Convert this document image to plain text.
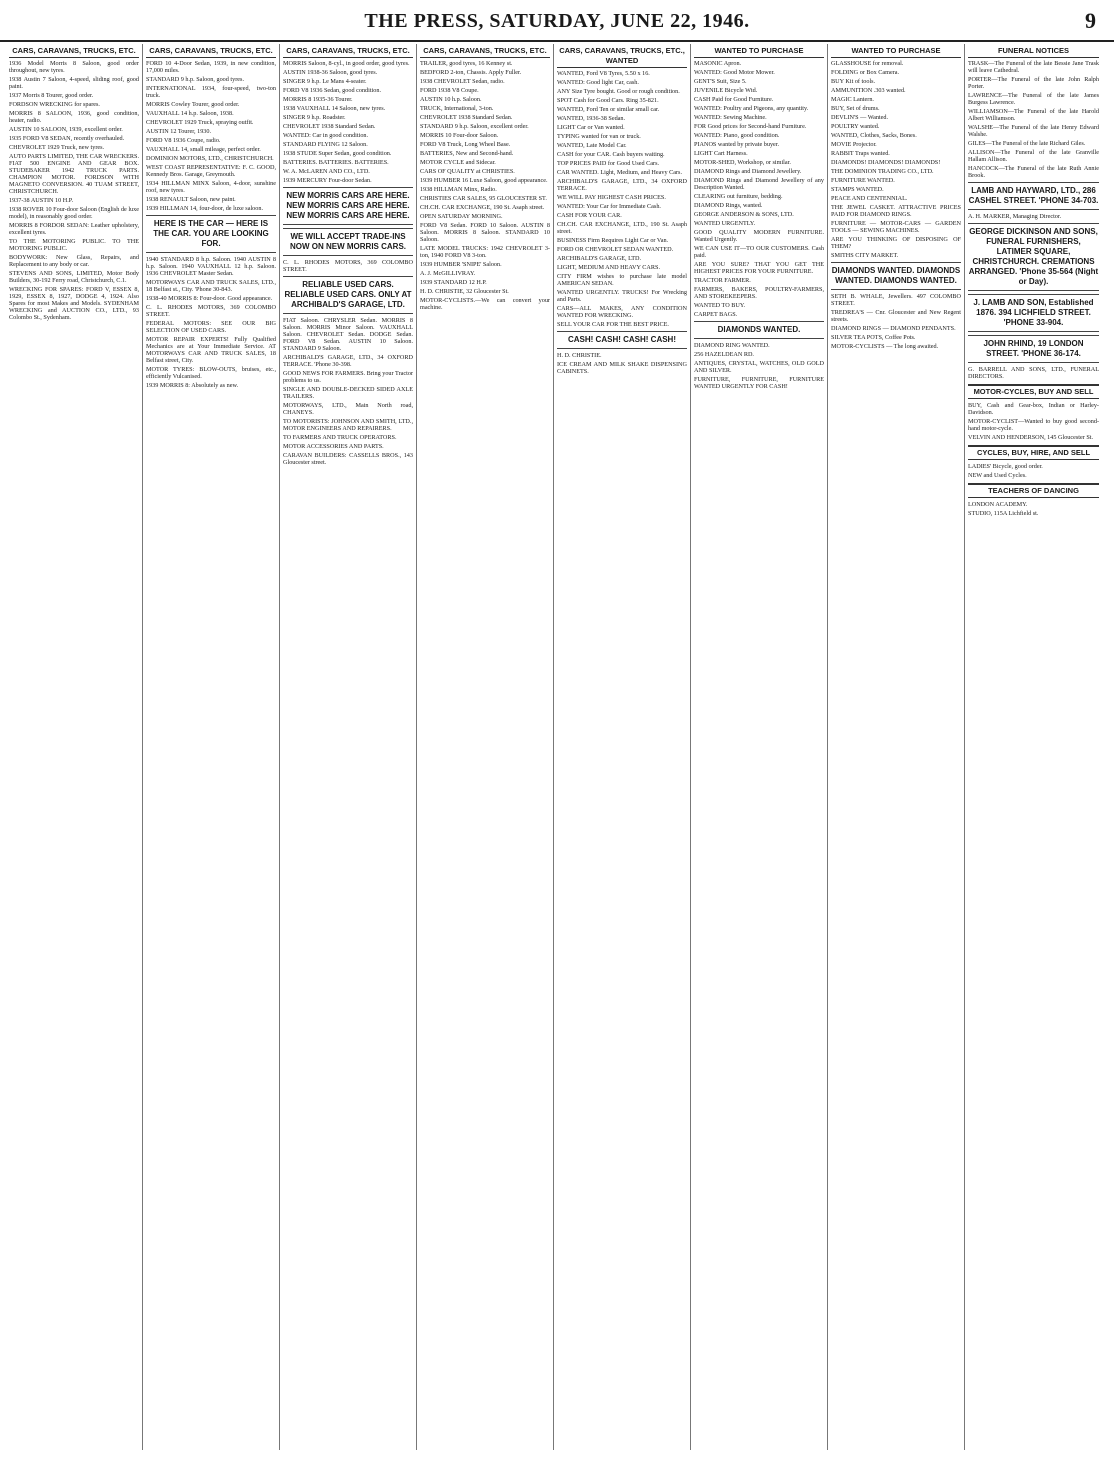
THE PRESS, SATURDAY, JUNE 22, 1946.	9
CARS, CARAVANS, TRUCKS, ETC.
1936 Model Morris 8 Saloon, good order throughout, new tyres.
1938 Austin 7 Saloon, 4-speed, sliding roof, good paint.
1937 Morris 8 Tourer, good order.
FORDSON WRECKING for spares.
MORRIS 8 SALOON, 1936, good condition, heater, radio.
AUSTIN 10 SALOON, 1939, excellent order.
1935 FORD V8 SEDAN, recently overhauled.
CHEVROLET 1929 Truck, new tyres.
AUTO PARTS LIMITED, THE CAR WRECKERS. FIAT 500 ENGINE AND GEAR BOX. STUDEBAKER 1942 TRUCK PARTS. CHAMPION MOTOR. FORDSON WITH MAGNETO CONVERSION. 40 TUAM STREET, CHRISTCHURCH.
1937-38 AUSTIN 10 H.P.
1938 ROVER 10 Four-door Saloon (English de luxe model), in reasonably good order.
MORRIS 8 FORDOR SEDAN: Leather upholstery, excellent tyres.
TO THE MOTORING PUBLIC. TO THE MOTORING PUBLIC.
BODYWORK: New Glass, Repairs, and Replacement to any body or car.
STEVENS AND SONS, LIMITED, Motor Body Builders, 30-192 Ferry road, Christchurch, C.1.
WRECKING FOR SPARES: FORD V, ESSEX 8, 1929, ESSEX 8, 1927, DODGE 4, 1924. Also Spares for most Makes and Models. SYDENHAM WRECKING and AUCTION CO., LTD., 93 Colombo St., Sydenham.
CARS, CARAVANS, TRUCKS, ETC.
FORD 10 4-Door Sedan, 1939, in new condition, 17,000 miles.
STANDARD 9 h.p. Saloon, good tyres.
INTERNATIONAL 1934, four-speed, two-ton truck.
MORRIS Cowley Tourer, good order.
VAUXHALL 14 h.p. Saloon, 1938.
CHEVROLET 1929 Truck, spraying outfit.
AUSTIN 12 Tourer, 1930.
FORD V8 1936 Coupe, radio.
VAUXHALL 14, small mileage, perfect order.
DOMINION MOTORS, LTD., CHRISTCHURCH.
WEST COAST REPRESENTATIVE: F. C. GOOD, Kennedy Bros. Garage, Greymouth.
1934 HILLMAN MINX Saloon, 4-door, sunshine roof, new tyres.
1938 RENAULT Saloon, new paint.
1939 HILLMAN 14, four-door, de luxe saloon.
HERE IS THE CAR — HERE IS THE CAR. YOU ARE LOOKING FOR.
1940 STANDARD 8 h.p. Saloon. 1940 AUSTIN 8 h.p. Saloon. 1940 VAUXHALL 12 h.p. Saloon. 1936 CHEVROLET Master Sedan.
MOTORWAYS CAR AND TRUCK SALES, LTD., 18 Belfast st., City. 'Phone 30-843.
1938-40 MORRIS 8: Four-door. Good appearance.
C. L. RHODES MOTORS, 369 COLOMBO STREET.
FEDERAL MOTORS: SEE OUR BIG SELECTION OF USED CARS.
MOTOR REPAIR EXPERTS! Fully Qualified Mechanics are at Your Immediate Service. AT MOTORWAYS CAR AND TRUCK SALES, 18 Belfast street, City.
MOTOR TYRES: BLOW-OUTS, bruises, etc., efficiently Vulcanised.
1939 MORRIS 8: Absolutely as new.
CARS, CARAVANS, TRUCKS, ETC.
MORRIS Saloon, 8-cyl., in good order, good tyres.
AUSTIN 1938-36 Saloon, good tyres.
SINGER 9 h.p. Le Mans 4-seater.
FORD V8 1936 Sedan, good condition.
MORRIS 8 1935-36 Tourer.
1938 VAUXHALL 14 Saloon, new tyres.
SINGER 9 h.p. Roadster.
CHEVROLET 1938 Standard Sedan.
WANTED: Car in good condition.
STANDARD FLYING 12 Saloon.
1938 STUDE Super Sedan, good condition.
BATTERIES. BATTERIES. BATTERIES.
W. A. McLAREN AND CO., LTD.
1939 MERCURY Four-door Sedan.
NEW MORRIS CARS ARE HERE. NEW MORRIS CARS ARE HERE. NEW MORRIS CARS ARE HERE.
WE WILL ACCEPT TRADE-INS NOW ON NEW MORRIS CARS.
C. L. RHODES MOTORS, 369 COLOMBO STREET.
RELIABLE USED CARS. RELIABLE USED CARS. ONLY AT ARCHIBALD'S GARAGE, LTD.
FIAT Saloon. CHRYSLER Sedan. MORRIS 8 Saloon. MORRIS Minor Saloon. VAUXHALL Saloon. CHEVROLET Sedan. DODGE Sedan. FORD V8 Sedan. AUSTIN 10 Saloon. STANDARD 9 Saloon.
ARCHIBALD'S GARAGE, LTD., 34 OXFORD TERRACE. 'Phone 30-398.
GOOD NEWS FOR FARMERS. Bring your Tractor problems to us.
SINGLE AND DOUBLE-DECKED SIDED AXLE TRAILERS.
MOTORWAYS, LTD., Main North road, CHANEYS.
TO MOTORISTS: JOHNSON AND SMITH, LTD., MOTOR ENGINEERS AND REPAIRERS.
TO FARMERS AND TRUCK OPERATORS.
MOTOR ACCESSORIES AND PARTS.
CARAVAN BUILDERS: CASSELLS BROS., 143 Gloucester street.
CARS, CARAVANS, TRUCKS, ETC.
TRAILER, good tyres, 16 Kenney st.
BEDFORD 2-ton, Chassis. Apply Fuller.
1938 CHEVROLET Sedan, radio.
FORD 1938 V8 Coupe.
AUSTIN 10 h.p. Saloon.
TRUCK, International, 3-ton.
CHEVROLET 1938 Standard Sedan.
STANDARD 9 h.p. Saloon, excellent order.
MORRIS 10 Four-door Saloon.
FORD V8 Truck, Long Wheel Base.
BATTERIES, New and Second-hand.
MOTOR CYCLE and Sidecar.
CARS OF QUALITY at CHRISTIES.
1939 HUMBER 16 Luxe Saloon, good appearance.
1938 HILLMAN Minx, Radio.
CHRISTIES CAR SALES, 95 GLOUCESTER ST.
CH.CH. CAR EXCHANGE, 190 St. Asaph street.
OPEN SATURDAY MORNING.
FORD V8 Sedan. FORD 10 Saloon. AUSTIN 8 Saloon. MORRIS 8 Saloon. STANDARD 10 Saloon.
LATE MODEL TRUCKS: 1942 CHEVROLET 3-ton, 1940 FORD V8 3-ton.
1939 HUMBER 'SNIPE' Saloon.
A. J. McGILLIVRAY.
1939 STANDARD 12 H.P.
H. D. CHRISTIE, 32 Gloucester St.
MOTOR-CYCLISTS.—We can convert your machine.
CARS, CARAVANS, TRUCKS, ETC., WANTED
WANTED, Ford V8 Tyres, 5.50 x 16.
WANTED: Good light Car, cash.
ANY Size Tyre bought. Good or rough condition.
SPOT Cash for Good Cars. Ring 35-821.
WANTED, Ford Ten or similar small car.
WANTED, 1936-38 Sedan.
LIGHT Car or Van wanted.
TYPING wanted for van or truck.
WANTED, Late Model Car.
CASH for your CAR. Cash buyers waiting.
TOP PRICES PAID for Good Used Cars.
CAR WANTED. Light, Medium, and Heavy Cars.
ARCHIBALD'S GARAGE, LTD., 34 OXFORD TERRACE.
WE WILL PAY HIGHEST CASH PRICES.
WANTED: Your Car for Immediate Cash.
CASH FOR YOUR CAR.
CH.CH. CAR EXCHANGE, LTD., 190 St. Asaph street.
BUSINESS Firm Requires Light Car or Van.
FORD OR CHEVROLET SEDAN WANTED.
ARCHIBALD'S GARAGE, LTD.
LIGHT, MEDIUM AND HEAVY CARS.
CITY FIRM wishes to purchase late model AMERICAN SEDAN.
WANTED URGENTLY. TRUCKS! For Wrecking and Parts.
CARS—ALL MAKES, ANY CONDITION WANTED FOR WRECKING.
SELL YOUR CAR FOR THE BEST PRICE.
CASH! CASH! CASH! CASH!
H. D. CHRISTIE.
ICE CREAM AND MILK SHAKE DISPENSING CABINETS.
WANTED TO PURCHASE
MASONIC Apron.
WANTED: Good Motor Mower.
GENT'S Suit, Size 5.
JUVENILE Bicycle Wtd.
CASH Paid for Good Furniture.
WANTED: Poultry and Pigeons, any quantity.
WANTED: Sewing Machine.
FOR Good prices for Second-hand Furniture.
WANTED: Piano, good condition.
PIANOS wanted by private buyer.
LIGHT Cart Harness.
MOTOR-SHED, Workshop, or similar.
DIAMOND Rings and Diamond Jewellery.
DIAMOND Rings and Diamond Jewellery of any Description Wanted.
CLEARING out furniture, bedding.
DIAMOND Rings, wanted.
GEORGE ANDERSON & SONS, LTD.
WANTED URGENTLY.
GOOD QUALITY MODERN FURNITURE. Wanted Urgently.
WE CAN USE IT—TO OUR CUSTOMERS. Cash paid.
ARE YOU SURE? THAT YOU GET THE HIGHEST PRICES FOR YOUR FURNITURE.
TRACTOR FARMER.
FARMERS, BAKERS, POULTRY-FARMERS, AND STOREKEEPERS.
WANTED TO BUY.
CARPET BAGS.
DIAMONDS WANTED.
DIAMOND RING WANTED.
256 HAZELDEAN RD.
ANTIQUES, CRYSTAL, WATCHES, OLD GOLD AND SILVER.
FURNITURE, FURNITURE, FURNITURE WANTED URGENTLY FOR CASH!
WANTED TO PURCHASE
GLASSHOUSE for removal.
FOLDING or Box Camera.
BUY Kit of tools.
AMMUNITION .303 wanted.
MAGIC Lantern.
BUY, Set of drums.
DEVLIN'S — Wanted.
POULTRY wanted.
WANTED, Clothes, Sacks, Bones.
MOVIE Projector.
RABBIT Traps wanted.
DIAMONDS! DIAMONDS! DIAMONDS!
THE DOMINION TRADING CO., LTD.
FURNITURE WANTED.
STAMPS WANTED.
PEACE AND CENTENNIAL.
THE JEWEL CASKET. ATTRACTIVE PRICES PAID FOR DIAMOND RINGS.
FURNITURE — MOTOR-CARS — GARDEN TOOLS — SEWING MACHINES.
ARE YOU THINKING OF DISPOSING OF THEM?
SMITHS CITY MARKET.
DIAMONDS WANTED. DIAMONDS WANTED. DIAMONDS WANTED.
SETH B. WHALE, Jewellers. 497 COLOMBO STREET.
TREDREA'S — Cnr. Gloucester and New Regent streets.
DIAMOND RINGS — DIAMOND PENDANTS.
SILVER TEA POTS, Coffee Pots.
MOTOR-CYCLISTS — The long awaited.
FUNERAL NOTICES
TRASK—The Funeral of the late Bessie Jane Trask will leave Cathedral.
PORTER—The Funeral of the late John Ralph Porter.
LAWRENCE—The Funeral of the late James Burgess Lawrence.
WILLIAMSON—The Funeral of the late Harold Albert Williamson.
WALSHE—The Funeral of the late Henry Edward Walshe.
GILES—The Funeral of the late Richard Giles.
ALLISON—The Funeral of the late Granville Hallam Allison.
HANCOCK—The Funeral of the late Ruth Annie Brook.
LAMB AND HAYWARD, LTD., 286 CASHEL STREET. 'PHONE 34-703.
A. H. MARKER, Managing Director.
GEORGE DICKINSON AND SONS, FUNERAL FURNISHERS, LATIMER SQUARE, CHRISTCHURCH. CREMATIONS ARRANGED. 'Phone 35-564 (Night or Day).
J. LAMB AND SON, Established 1876. 394 LICHFIELD STREET. 'PHONE 33-904.
JOHN RHIND, 19 LONDON STREET. 'PHONE 36-174.
G. BARRELL AND SONS, LTD., FUNERAL DIRECTORS.
MOTOR-CYCLES, BUY AND SELL
BUY, Cash and Gear-box, Indian or Harley-Davidson.
MOTOR-CYCLIST—Wanted to buy good second-hand motor-cycle.
VELVIN AND HENDERSON, 145 Gloucester St.
CYCLES, BUY, HIRE, AND SELL
LADIES' Bicycle, good order.
NEW and Used Cycles.
TEACHERS OF DANCING
LONDON ACADEMY.
STUDIO, 115A Lichfield st.
